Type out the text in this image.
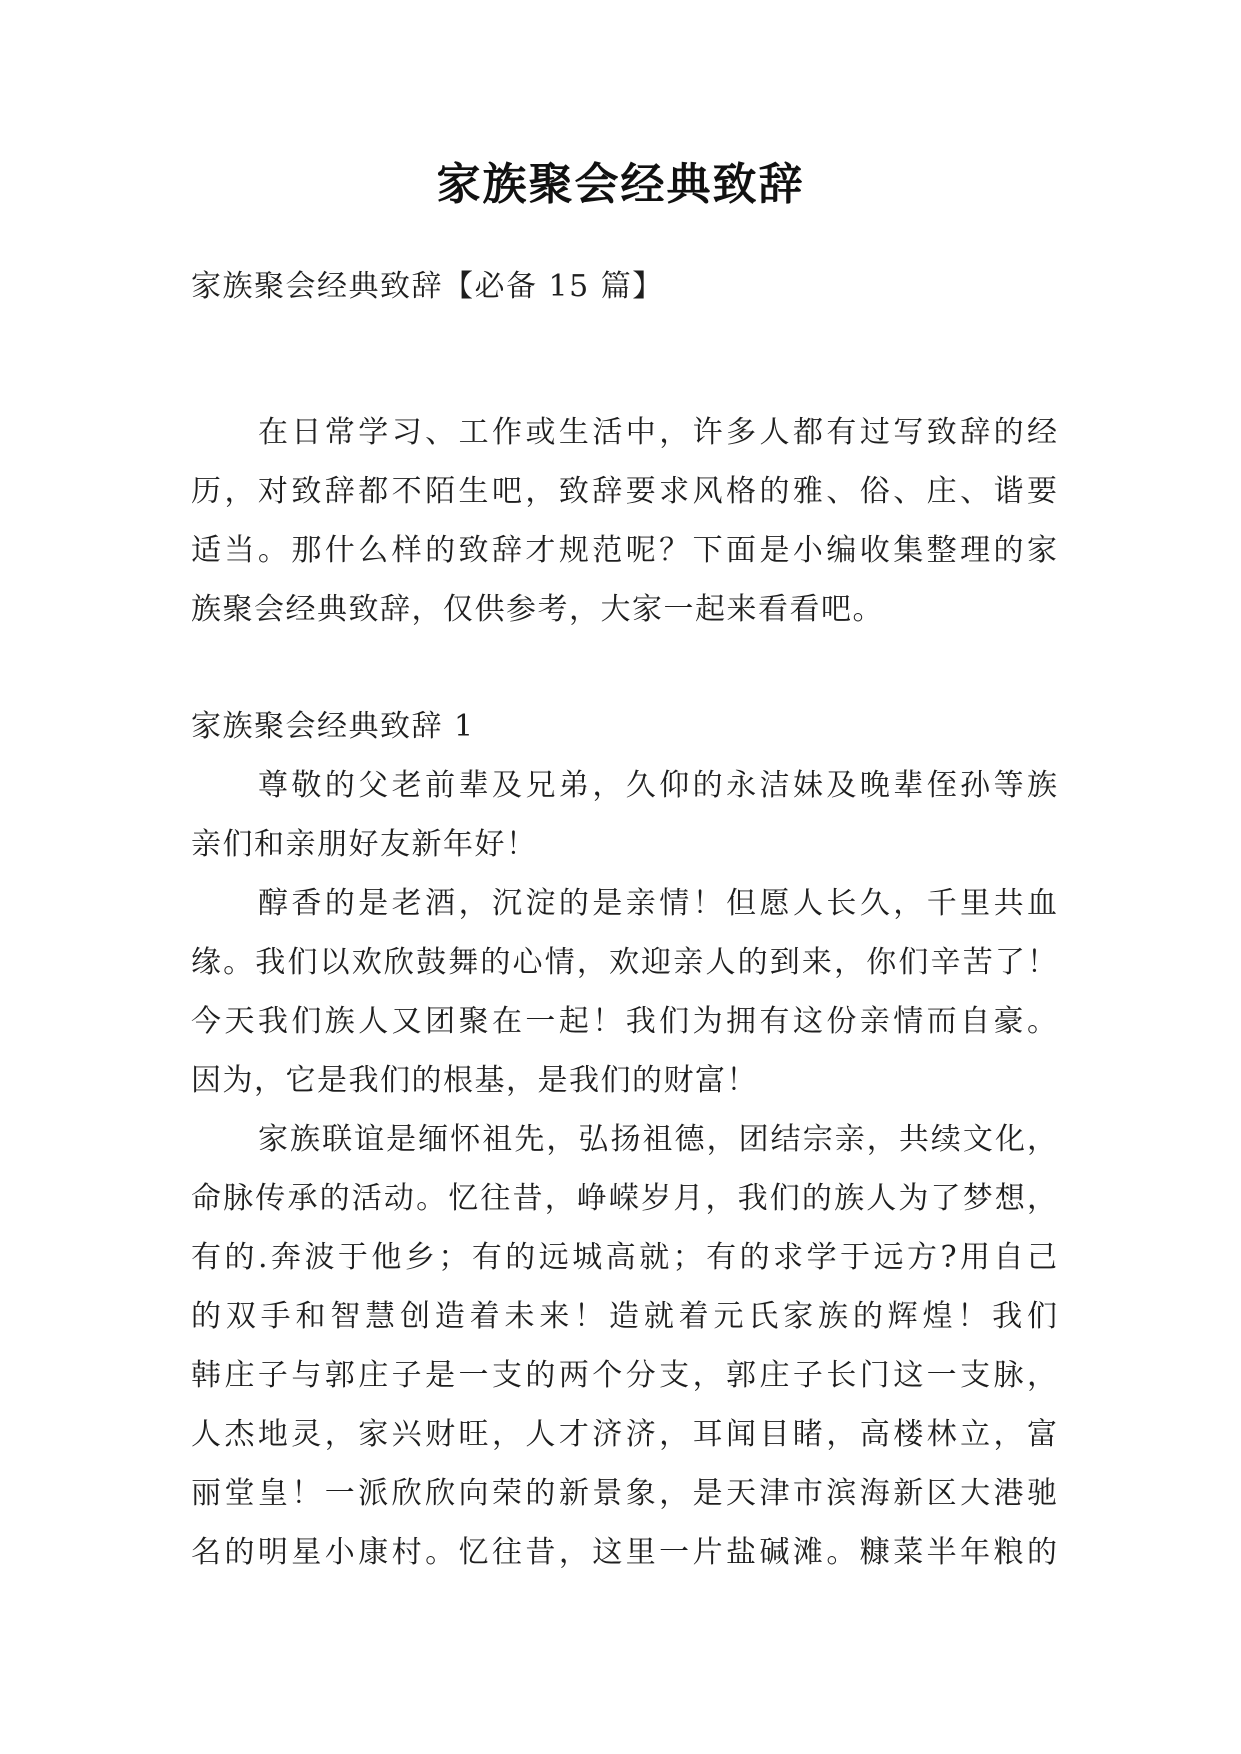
家族聚会经典致辞
家族聚会经典致辞【必备 15 篇】
在日常学习、工作或生活中，许多人都有过写致辞的经
历，对致辞都不陌生吧，致辞要求风格的雅、俗、庄、谐要
适当。那什么样的致辞才规范呢？下面是小编收集整理的家
族聚会经典致辞，仅供参考，大家一起来看看吧。
家族聚会经典致辞 1
尊敬的父老前辈及兄弟，久仰的永洁妹及晚辈侄孙等族
亲们和亲朋好友新年好！
醇香的是老酒，沉淀的是亲情！但愿人长久，千里共血
缘。我们以欢欣鼓舞的心情，欢迎亲人的到来，你们辛苦了！
今天我们族人又团聚在一起！我们为拥有这份亲情而自豪。
因为，它是我们的根基，是我们的财富！
家族联谊是缅怀祖先，弘扬祖德，团结宗亲，共续文化，
命脉传承的活动。忆往昔，峥嵘岁月，我们的族人为了梦想，
有的.奔波于他乡；有的远城高就；有的求学于远方?用自己
的双手和智慧创造着未来！造就着元氏家族的辉煌！我们
韩庄子与郭庄子是一支的两个分支，郭庄子长门这一支脉，
人杰地灵，家兴财旺，人才济济，耳闻目睹，高楼林立，富
丽堂皇！一派欣欣向荣的新景象，是天津市滨海新区大港驰
名的明星小康村。忆往昔，这里一片盐碱滩。糠菜半年粮的
